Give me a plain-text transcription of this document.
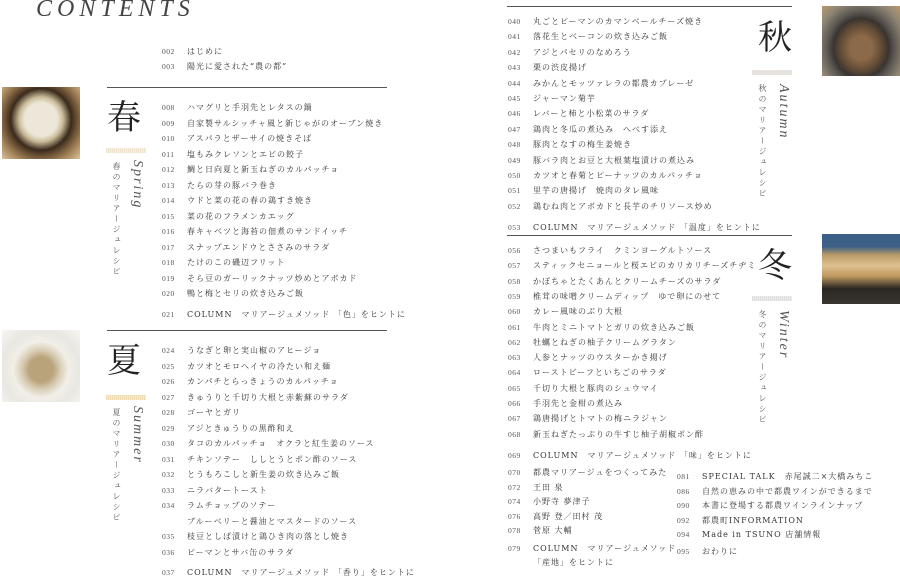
CONTENTS
002	はじめに
003	陽光に愛された“農の都”
春
春のマリアージュレシピ Spring
008	ハマグリと手羽先とレタスの鍋
009	自家製サルシッチャ風と新じゃがのオーブン焼き
010	アスパラとザーサイの焼きそば
011	塩もみクレソンとエビの餃子
012	鯛と日向夏と新玉ねぎのカルパッチョ
013	たらの芽の豚バラ巻き
014	ウドと菜の花の春の鶏すき焼き
015	菜の花のフラメンカエッグ
016	春キャベツと海苔の佃煮のサンドイッチ
017	スナップエンドウとささみのサラダ
018	たけのこの磯辺フリット
019	そら豆のガーリックナッツ炒めとアボカド
020	鴨と梅とセリの炊き込みご飯
021	COLUMN　マリアージュメソッド 「色」をヒントに
夏
夏のマリアージュレシピ Summer
024	うなぎと卵と実山椒のアヒージョ
025	カツオとモロヘイヤの冷たい和え麺
026	カンパチとらっきょうのカルパッチョ
027	きゅうりと千切り大根と赤紫蘇のサラダ
028	ゴーヤとガリ
029	アジときゅうりの黒酢和え
030	タコのカルパッチョ　オクラと紅生姜のソース
031	チキンソテー　ししとうとポン酢のソース
032	とうもろこしと新生姜の炊き込みご飯
033	ニラバタートースト
034	ラムチョップのソテー
ブルーベリーと醤油とマスタードのソース
035	枝豆としば漬けと鶏ひき肉の落とし焼き
036	ピーマンとサバ缶のサラダ
037	COLUMN　マリアージュメソッド 「香り」をヒントに
秋
秋のマリアージュレシピ Autumn
040	丸ごとピーマンのカマンベールチーズ焼き
041	落花生とベーコンの炊き込みご飯
042	アジとパセリのなめろう
043	栗の渋皮揚げ
044	みかんとモッツァレラの都農カプレーゼ
045	ジャーマン菊芋
046	レバーと柿と小松菜のサラダ
047	鶏肉と冬瓜の煮込み　へべす添え
048	豚肉となすの梅生姜焼き
049	豚バラ肉とお豆と大根葉塩漬けの煮込み
050	カツオと春菊とピーナッツのカルパッチョ
051	里芋の唐揚げ　焼肉のタレ風味
052	鶏むね肉とアボカドと長芋のチリソース炒め
053	COLUMN　マリアージュメソッド 「温度」をヒントに
冬
冬のマリアージュレシピ Winter
056	さつまいもフライ　クミンヨーグルトソース
057	スティックセニョールと桜エビのカリカリチーズチヂミ
058	かぼちゃとたくあんとクリームチーズのサラダ
059	椎茸の味噌クリームディップ　ゆで卵にのせて
060	カレー風味のぶり大根
061	牛肉とミニトマトとガリの炊き込みご飯
062	牡蠣とねぎの柚子クリームグラタン
063	人参とナッツのウスターかき揚げ
064	ローストビーフといちごのサラダ
065	千切り大根と豚肉のシュウマイ
066	手羽先と金柑の煮込み
067	鶏唐揚げとトマトの梅ニラジャン
068	新玉ねぎたっぷりの牛すじ柚子胡椒ポン酢
069	COLUMN　マリアージュメソッド 「味」をヒントに
070	都農マリアージュをつくってみた
072	王田 泉
074	小野寺 夢津子
076	高野 登／田村 茂
078	菅原 大輔
079	COLUMN　マリアージュメソッド
「産地」をヒントに
081	SPECIAL TALK　赤尾誠二×大橋みちこ
086	自然の恵みの中で都農ワインができるまで
090	本書に登場する都農ワインラインナップ
092	都農町INFORMATION
094	Made in TSUNO 店舗情報
095	おわりに
